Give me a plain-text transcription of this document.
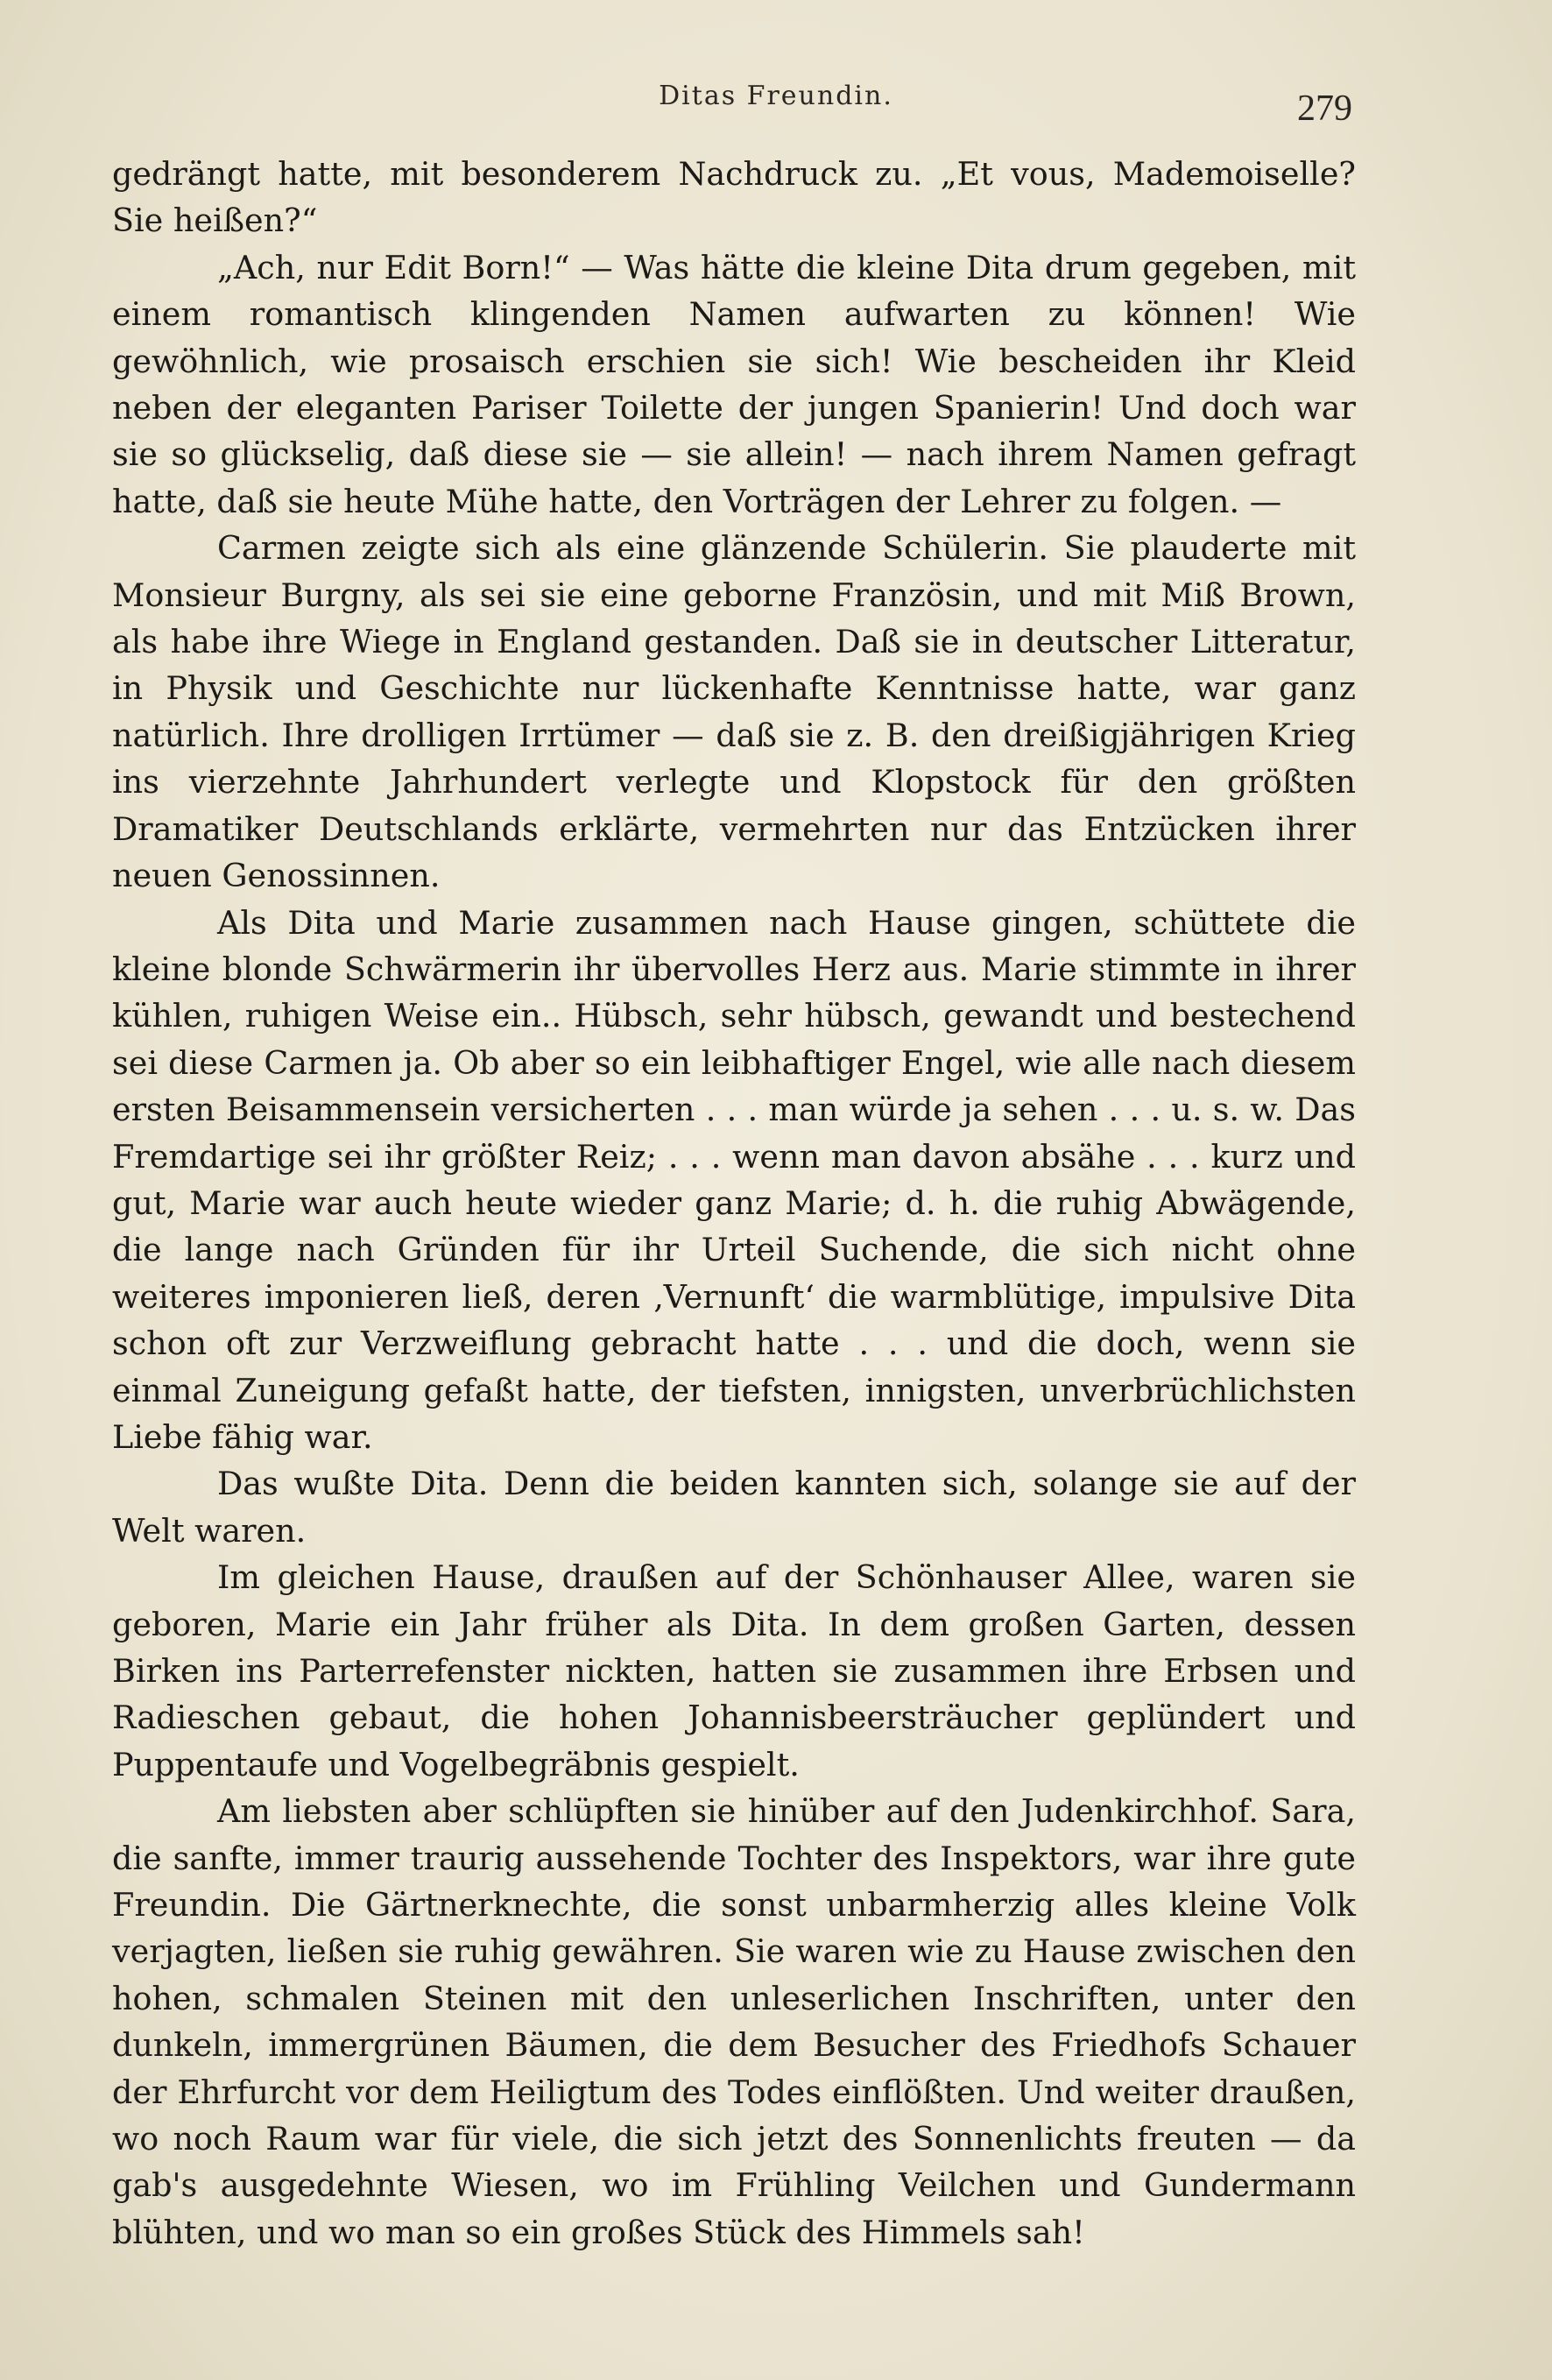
Ditas Freundin.	279

gedrängt hatte, mit besonderem Nachdruck zu. „Et vous, Mademoiselle? Sie heißen?“

„Ach, nur Edit Born!“ — Was hätte die kleine Dita drum gegeben, mit einem romantisch klingenden Namen aufwarten zu können! Wie gewöhnlich, wie prosaisch erschien sie sich! Wie bescheiden ihr Kleid neben der eleganten Pariser Toilette der jungen Spanierin! Und doch war sie so glückselig, daß diese sie — sie allein! — nach ihrem Namen gefragt hatte, daß sie heute Mühe hatte, den Vorträgen der Lehrer zu folgen. —

Carmen zeigte sich als eine glänzende Schülerin. Sie plauderte mit Monsieur Burgny, als sei sie eine geborne Französin, und mit Miß Brown, als habe ihre Wiege in England gestanden. Daß sie in deutscher Litteratur, in Physik und Geschichte nur lückenhafte Kenntnisse hatte, war ganz natürlich. Ihre drolligen Irrtümer — daß sie z. B. den dreißigjährigen Krieg ins vierzehnte Jahrhundert verlegte und Klopstock für den größten Dramatiker Deutschlands erklärte, vermehrten nur das Entzücken ihrer neuen Genossinnen.

Als Dita und Marie zusammen nach Hause gingen, schüttete die kleine blonde Schwärmerin ihr übervolles Herz aus. Marie stimmte in ihrer kühlen, ruhigen Weise ein.. Hübsch, sehr hübsch, gewandt und bestechend sei diese Carmen ja. Ob aber so ein leibhaftiger Engel, wie alle nach diesem ersten Beisammensein versicherten . . . man würde ja sehen . . . u. s. w. Das Fremdartige sei ihr größter Reiz; . . . wenn man davon absähe . . . kurz und gut, Marie war auch heute wieder ganz Marie; d. h. die ruhig Abwägende, die lange nach Gründen für ihr Urteil Suchende, die sich nicht ohne weiteres imponieren ließ, deren ‚Vernunft‘ die warmblütige, impulsive Dita schon oft zur Verzweiflung gebracht hatte . . . und die doch, wenn sie einmal Zuneigung gefaßt hatte, der tiefsten, innigsten, unverbrüchlichsten Liebe fähig war.

Das wußte Dita. Denn die beiden kannten sich, solange sie auf der Welt waren.

Im gleichen Hause, draußen auf der Schönhauser Allee, waren sie geboren, Marie ein Jahr früher als Dita. In dem großen Garten, dessen Birken ins Parterrefenster nickten, hatten sie zusammen ihre Erbsen und Radieschen gebaut, die hohen Johannisbeersträucher geplündert und Puppentaufe und Vogelbegräbnis gespielt.

Am liebsten aber schlüpften sie hinüber auf den Judenkirchhof. Sara, die sanfte, immer traurig aussehende Tochter des Inspektors, war ihre gute Freundin. Die Gärtnerknechte, die sonst unbarmherzig alles kleine Volk verjagten, ließen sie ruhig gewähren. Sie waren wie zu Hause zwischen den hohen, schmalen Steinen mit den unleserlichen Inschriften, unter den dunkeln, immergrünen Bäumen, die dem Besucher des Friedhofs Schauer der Ehrfurcht vor dem Heiligtum des Todes einflößten. Und weiter draußen, wo noch Raum war für viele, die sich jetzt des Sonnenlichts freuten — da gab's ausgedehnte Wiesen, wo im Frühling Veilchen und Gundermann blühten, und wo man so ein großes Stück des Himmels sah!
